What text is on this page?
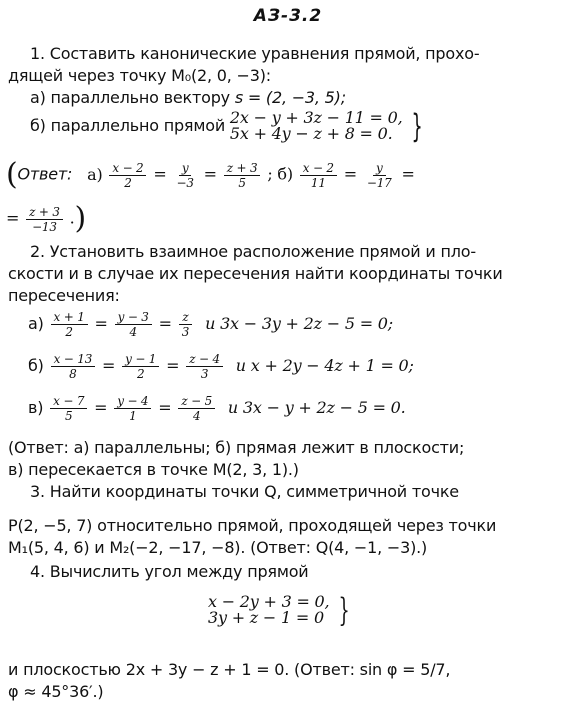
АЗ-3.2
1. Составить канонические уравнения прямой, прохо-
дящей через точку M₀(2, 0, −3):
а) параллельно вектору s = (2, −3, 5);
б) параллельно прямой 2x − y + 3z − 11 = 0,
5x + 4y − z + 8 = 0. }
(Ответ: $а) \frac{x - 2}{2} = \frac{y}{-3} = \frac{z + 3}{5}$ ; $б) \frac{x - 2}{11} = \frac{y}{-17}$ =
= $\frac{z + 3}{-13}$ .)
2. Установить взаимное расположение прямой и пло-
скости и в случае их пересечения найти координаты точки
пересечения:
$а) \frac{x + 1}{2} = \frac{y - 3}{4} = \frac{z}{3}$ и 3x − 3y + 2z − 5 = 0;
$б) \frac{x - 13}{8} = \frac{y - 1}{2} = \frac{z - 4}{3}$ и x + 2y − 4z + 1 = 0;
$в) \frac{x - 7}{5} = \frac{y - 4}{1} = \frac{z - 5}{4}$ и 3x − y + 2z − 5 = 0.
(Ответ: а) параллельны; б) прямая лежит в плоскости;
в) пересекается в точке M(2, 3, 1).)
3. Найти координаты точки Q, симметричной точке
P(2, −5, 7) относительно прямой, проходящей через точки
M₁(5, 4, 6) и M₂(−2, −17, −8). (Ответ: Q(4, −1, −3).)
4. Вычислить угол между прямой
x − 2y + 3 = 0,
3y + z − 1 = 0 }
и плоскостью 2x + 3y − z + 1 = 0. (Ответ: sin φ = 5/7,
φ ≈ 45°36′.)
